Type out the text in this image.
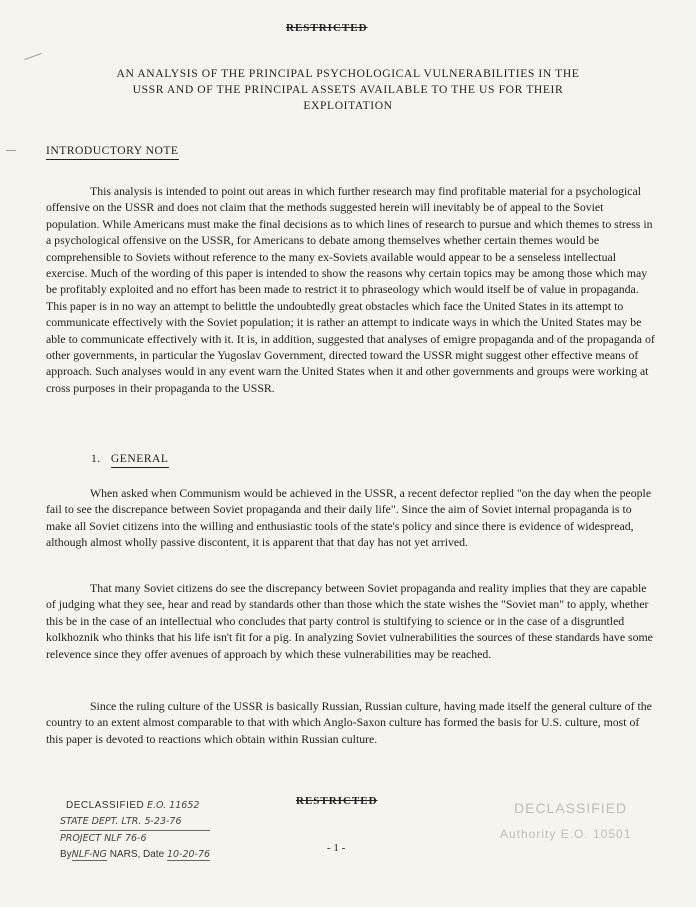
RESTRICTED
AN ANALYSIS OF THE PRINCIPAL PSYCHOLOGICAL VULNERABILITIES IN THE
USSR AND OF THE PRINCIPAL ASSETS AVAILABLE TO THE US FOR THEIR
EXPLOITATION
INTRODUCTORY NOTE

This analysis is intended to point out areas in which further research may find profitable material for a psychological offensive on the USSR and does not claim that the methods suggested herein will inevitably be of appeal to the Soviet population. While Americans must make the final decisions as to which lines of research to pursue and which themes to stress in a psychological offensive on the USSR, for Americans to debate among themselves whether certain themes would be comprehensible to Soviets without reference to the many ex-Soviets available would appear to be a senseless intellectual exercise. Much of the wording of this paper is intended to show the reasons why certain topics may be among those which may be profitably exploited and no effort has been made to restrict it to phraseology which would itself be of value in propaganda. This paper is in no way an attempt to belittle the undoubtedly great obstacles which face the United States in its attempt to communicate effectively with the Soviet population; it is rather an attempt to indicate ways in which the United States may be able to communicate effectively with it. It is, in addition, suggested that analyses of emigre propaganda and of the propaganda of other governments, in particular the Yugoslav Government, directed toward the USSR might suggest other effective means of approach. Such analyses would in any event warn the United States when it and other governments and groups were working at cross purposes in their propaganda to the USSR.

1. GENERAL

When asked when Communism would be achieved in the USSR, a recent defector replied "on the day when the people fail to see the discrepance between Soviet propaganda and their daily life". Since the aim of Soviet internal propaganda is to make all Soviet citizens into the willing and enthusiastic tools of the state's policy and since there is evidence of widespread, although almost wholly passive discontent, it is apparent that that day has not yet arrived.

That many Soviet citizens do see the discrepancy between Soviet propaganda and reality implies that they are capable of judging what they see, hear and read by standards other than those which the state wishes the "Soviet man" to apply, whether this be in the case of an intellectual who concludes that party control is stultifying to science or in the case of a disgruntled kolkhoznik who thinks that his life isn't fit for a pig. In analyzing Soviet vulnerabilities the sources of these standards have some relevence since they offer avenues of approach by which these vulnerabilities may be reached.

Since the ruling culture of the USSR is basically Russian, Russian culture, having made itself the general culture of the country to an extent almost comparable to that with which Anglo-Saxon culture has formed the basis for U.S. culture, most of this paper is devoted to reactions which obtain within Russian culture.

DECLASSIFIED E.O. 11652
STATE DEPT. LTR. 5-23-76
PROJECT NLF 76-6
ByNLF-NG NARS, Date 10-20-76
RESTRICTED
- 1 -
DECLASSIFIED
Authority E.O. 10501
